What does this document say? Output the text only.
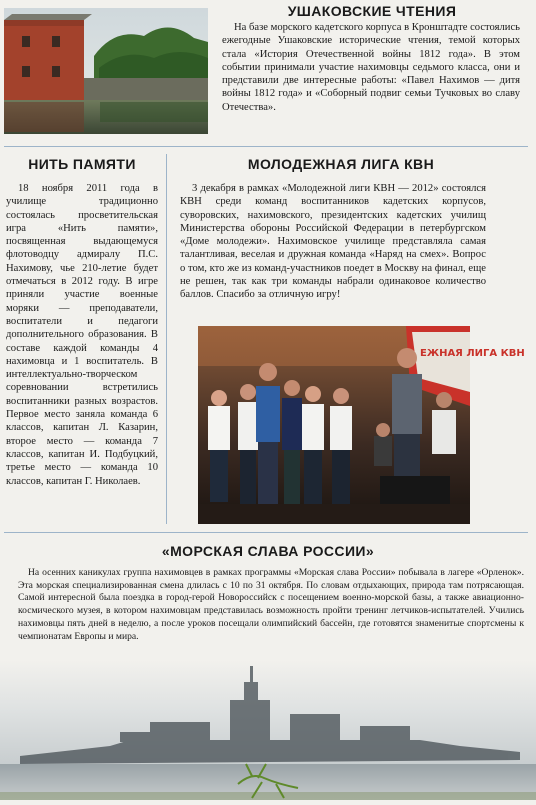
УШАКОВСКИЕ ЧТЕНИЯ

На базе морского кадетского корпуса в Кронштадте состоялись ежегодные Ушаковские исторические чтения, темой которых стала «История Отечественной войны 1812 года». В этом событии принимали участие нахимовцы седьмого класса, они и представили две интересные работы: «Павел Нахимов — дитя войны 1812 года» и «Соборный подвиг семьи Тучковых во славу Отечества».

НИТЬ ПАМЯТИ

18 ноября 2011 года в училище традиционно состоялась просветительская игра «Нить памяти», посвященная выдающемуся флотоводцу адмиралу П.С. Нахимову, чье 210-летие будет отмечаться в 2012 году. В игре приняли участие военные моряки — преподаватели, воспитатели и педагоги дополнительного образования. В составе каждой команды 4 нахимовца и 1 воспитатель. В интеллектуально-творческом соревновании встретились воспитанники разных возрастов. Первое место заняла команда 6 классов, капитан Л. Казарин, второе место — команда 7 классов, капитан И. Подбуцкий, третье место — команда 10 классов, капитан Г. Николаев.

МОЛОДЕЖНАЯ ЛИГА КВН

3 декабря в рамках «Молодежной лиги КВН — 2012» состоялся КВН среди команд воспитанников кадетских корпусов, суворовских, нахимовского, президентских кадетских училищ Министерства обороны Российской Федерации в петербургском «Доме молодежи». Нахимовское училище представляла самая талантливая, веселая и дружная команда «Наряд на смех». Вопрос о том, кто же из команд-участников поедет в Москву на финал, еще не решен, так как три команды набрали одинаковое количество баллов. Спасибо за отличную игру!

ЕЖНАЯ ЛИГА КВН
«МОРСКАЯ СЛАВА РОССИИ»

На осенних каникулах группа нахимовцев в рамках программы «Морская слава России» побывала в лагере «Орленок». Эта морская специализированная смена длилась с 10 по 31 октября. По словам отдыхающих, природа там потрясающая. Самой интересной была поездка в город-герой Новороссийск с посещением военно-морской базы, а также авиационно-космического музея, в котором нахимовцам представилась возможность пройти тренинг летчиков-испытателей. Учились нахимовцы пять дней в неделю, а после уроков посещали олимпийский бассейн, где готовятся знаменитые спортсмены к чемпионатам Европы и мира.
